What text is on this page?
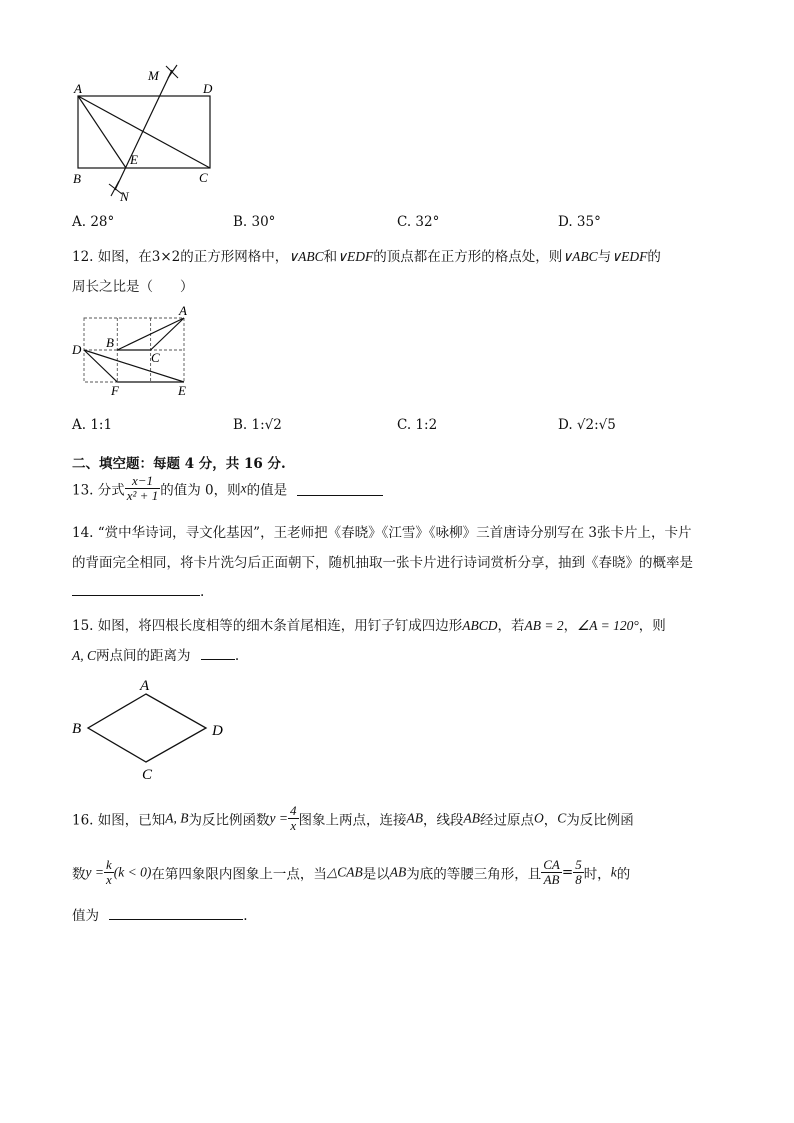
A	D
B	C
E
M
N
A. 28°	B. 30°	C. 32°	D. 35°
12. 如图，在3×2的正方形网格中，∨ABC和∨EDF的顶点都在正方形的格点处，则∨ABC与∨EDF的
周长之比是（　　）
A
B
C
D
E
F
A. 1:1	B. 1:√2	C. 1:2	D. √2:√5
二、填空题：每题 4 分，共 16 分.
13. 分式 $\frac{x-1}{\text{x² + 1}}$ 的值为 0，则x的值是
14. “赏中华诗词，寻文化基因”，王老师把《春晓》《江雪》《咏柳》三首唐诗分别写在 3张卡片上，卡片
的背面完全相同，将卡片洗匀后正面朝下，随机抽取一张卡片进行诗词赏析分享，抽到《春晓》的概率是
.
15. 如图，将四根长度相等的细木条首尾相连，用钉子钉成四边形ABCD，若AB = 2，∠A = 120°，则
A, C两点间的距离为	.
A
B
C
D
16. 如图，已知A, B为反比例函数$y = \frac{4}{x}$ 图象上两点，连接AB，线段AB经过原点O，C为反比例函
数$y = \frac{k}{x} (k < 0)$在第四象限内图象上一点，当△CAB是以AB为底的等腰三角形，且 $\frac{CA}{AB} = \frac{5}{8}$ 时，k的
值为	.
